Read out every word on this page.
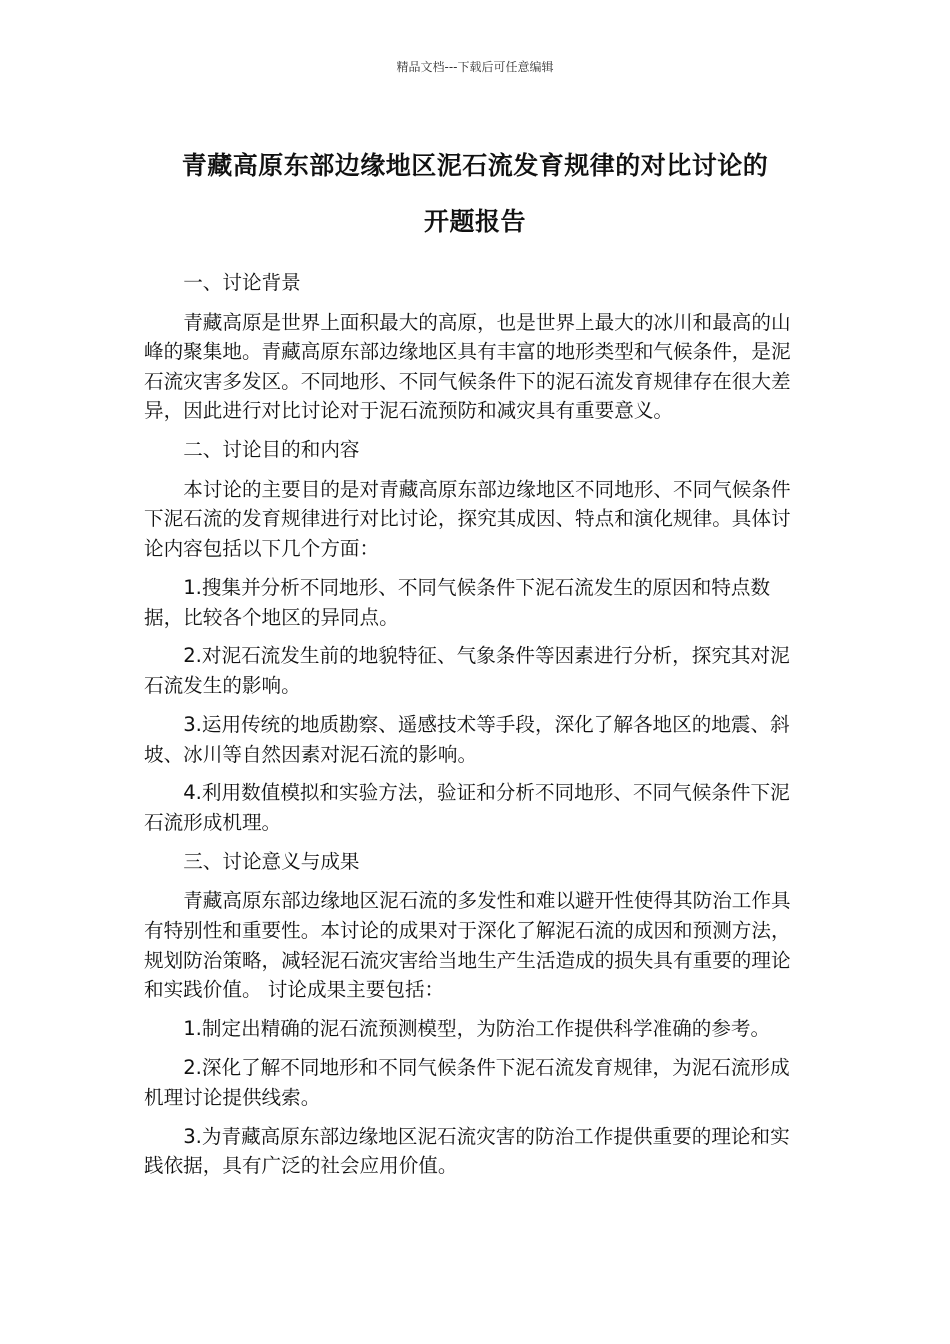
精品文档---下载后可任意编辑
青藏高原东部边缘地区泥石流发育规律的对比讨论的
开题报告

一、讨论背景

青藏高原是世界上面积最大的高原，也是世界上最大的冰川和最高的山峰的聚集地。青藏高原东部边缘地区具有丰富的地形类型和气候条件，是泥石流灾害多发区。不同地形、不同气候条件下的泥石流发育规律存在很大差异，因此进行对比讨论对于泥石流预防和减灾具有重要意义。

二、讨论目的和内容

本讨论的主要目的是对青藏高原东部边缘地区不同地形、不同气候条件下泥石流的发育规律进行对比讨论，探究其成因、特点和演化规律。具体讨论内容包括以下几个方面：

1.搜集并分析不同地形、不同气候条件下泥石流发生的原因和特点数据，比较各个地区的异同点。

2.对泥石流发生前的地貌特征、气象条件等因素进行分析，探究其对泥石流发生的影响。

3.运用传统的地质勘察、遥感技术等手段，深化了解各地区的地震、斜坡、冰川等自然因素对泥石流的影响。

4.利用数值模拟和实验方法，验证和分析不同地形、不同气候条件下泥石流形成机理。

三、讨论意义与成果

青藏高原东部边缘地区泥石流的多发性和难以避开性使得其防治工作具有特别性和重要性。本讨论的成果对于深化了解泥石流的成因和预测方法，规划防治策略，减轻泥石流灾害给当地生产生活造成的损失具有重要的理论和实践价值。 讨论成果主要包括：

1.制定出精确的泥石流预测模型，为防治工作提供科学准确的参考。

2.深化了解不同地形和不同气候条件下泥石流发育规律，为泥石流形成机理讨论提供线索。

3.为青藏高原东部边缘地区泥石流灾害的防治工作提供重要的理论和实践依据，具有广泛的社会应用价值。
